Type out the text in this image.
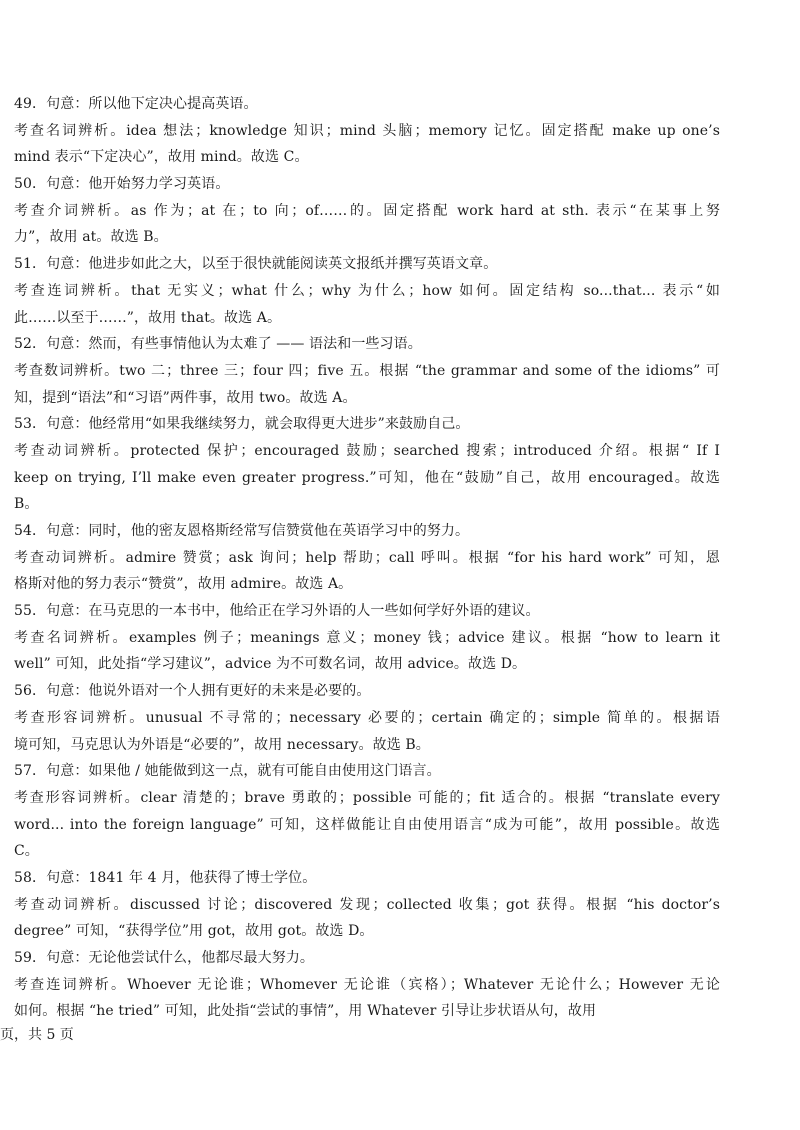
49．句意：所以他下定决心提高英语。
考查名词辨析。idea 想法；knowledge 知识；mind 头脑；memory 记忆。固定搭配 make up one’s
mind 表示“下定决心”，故用 mind。故选 C。
50．句意：他开始努力学习英语。
考查介词辨析。as 作为；at 在；to 向；of……的。固定搭配 work hard at sth. 表示“在某事上努
力”，故用 at。故选 B。
51．句意：他进步如此之大，以至于很快就能阅读英文报纸并撰写英语文章。
考查连词辨析。that 无实义；what 什么；why 为什么；how 如何。固定结构 so...that... 表示“如
此……以至于……”，故用 that。故选 A。
52．句意：然而，有些事情他认为太难了 —— 语法和一些习语。
考查数词辨析。two 二；three 三；four 四；five 五。根据 “the grammar and some of the idioms” 可
知，提到“语法”和“习语”两件事，故用 two。故选 A。
53．句意：他经常用“如果我继续努力，就会取得更大进步”来鼓励自己。
考查动词辨析。protected 保护；encouraged 鼓励；searched 搜索；introduced 介绍。根据“ If I
keep on trying, I’ll make even greater progress.”可知，他在“鼓励”自己，故用 encouraged。故选
B。
54．句意：同时，他的密友恩格斯经常写信赞赏他在英语学习中的努力。
考查动词辨析。admire 赞赏；ask 询问；help 帮助；call 呼叫。根据 “for his hard work” 可知，恩
格斯对他的努力表示“赞赏”，故用 admire。故选 A。
55．句意：在马克思的一本书中，他给正在学习外语的人一些如何学好外语的建议。
考查名词辨析。examples 例子；meanings 意义；money 钱；advice 建议。根据 “how to learn it
well” 可知，此处指“学习建议”，advice 为不可数名词，故用 advice。故选 D。
56．句意：他说外语对一个人拥有更好的未来是必要的。
考查形容词辨析。unusual 不寻常的；necessary 必要的；certain 确定的；simple 简单的。根据语
境可知，马克思认为外语是“必要的”，故用 necessary。故选 B。
57．句意：如果他 / 她能做到这一点，就有可能自由使用这门语言。
考查形容词辨析。clear 清楚的；brave 勇敢的；possible 可能的；fit 适合的。根据 “translate every
word... into the foreign language” 可知，这样做能让自由使用语言“成为可能”，故用 possible。故选
C。
58．句意：1841 年 4 月，他获得了博士学位。
考查动词辨析。discussed 讨论；discovered 发现；collected 收集；got 获得。根据 “his doctor’s
degree” 可知，“获得学位”用 got，故用 got。故选 D。
59．句意：无论他尝试什么，他都尽最大努力。
考查连词辨析。Whoever 无论谁；Whomever 无论谁（宾格）；Whatever 无论什么；However 无论
如何。根据 “he tried” 可知，此处指“尝试的事情”，用 Whatever 引导让步状语从句，故用
页，共 5 页
